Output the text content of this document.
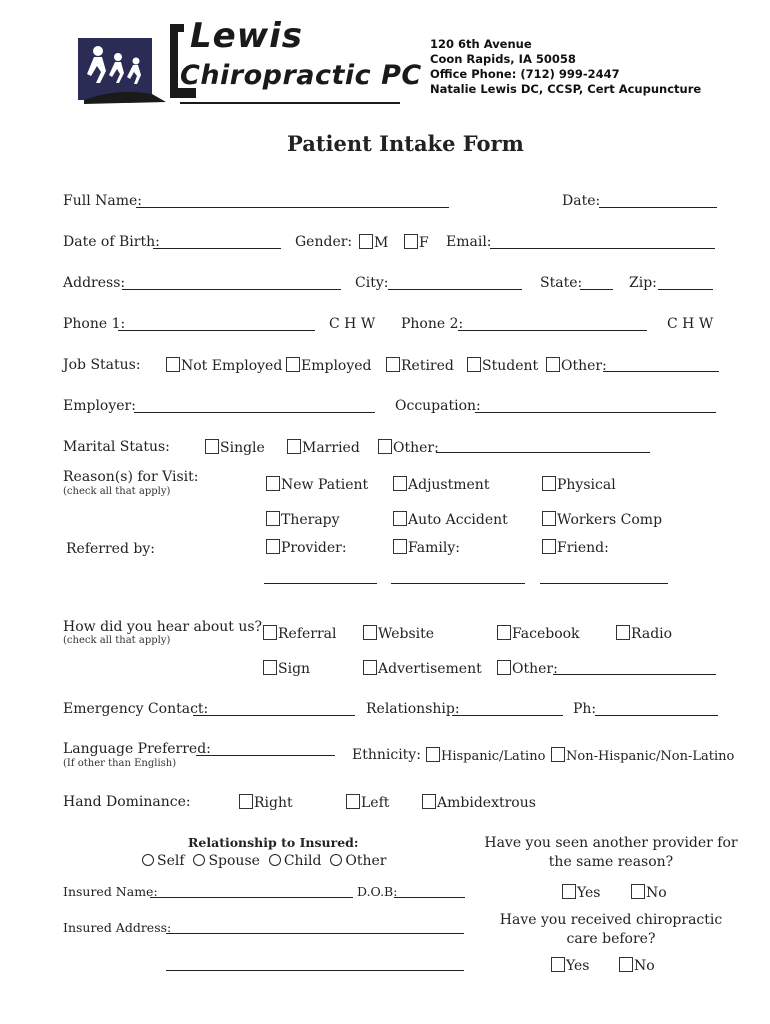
Lewis
Chiropractic PC
120 6th Avenue
Coon Rapids, IA 50058
Office Phone: (712) 999-2447
Natalie Lewis DC, CCSP, Cert Acupuncture
Patient Intake Form
Full Name:	Date:
Date of Birth:	Gender:	M	F Email:
Address:	City:	State:	Zip:
Phone 1:	C H W Phone 2:	C H W
Job Status:	Not Employed	Employed	Retired	Student	Other:
Employer:	Occupation:
Marital Status:	Single	Married	Other:
Reason(s) for Visit:
(check all that apply)	New Patient	Adjustment	Physical
Therapy	Auto Accident	Workers Comp
Referred by:	Provider:	Family:	Friend:
How did you hear about us?
(check all that apply)	Referral	Website	Facebook	Radio
Sign	Advertisement	Other:
Emergency Contact:	Relationship:	Ph:
Language Preferred:
(If other than English)
Ethnicity:	Hispanic/Latino	Non-Hispanic/Non-Latino
Hand Dominance:	Right	Left	Ambidextrous
Relationship to Insured:
Self Spouse Child Other
Insured Name:	D.O.B:
Insured Address:
Have you seen another provider for the same reason?
Yes	No
Have you received chiropractic care before?
Yes	No
